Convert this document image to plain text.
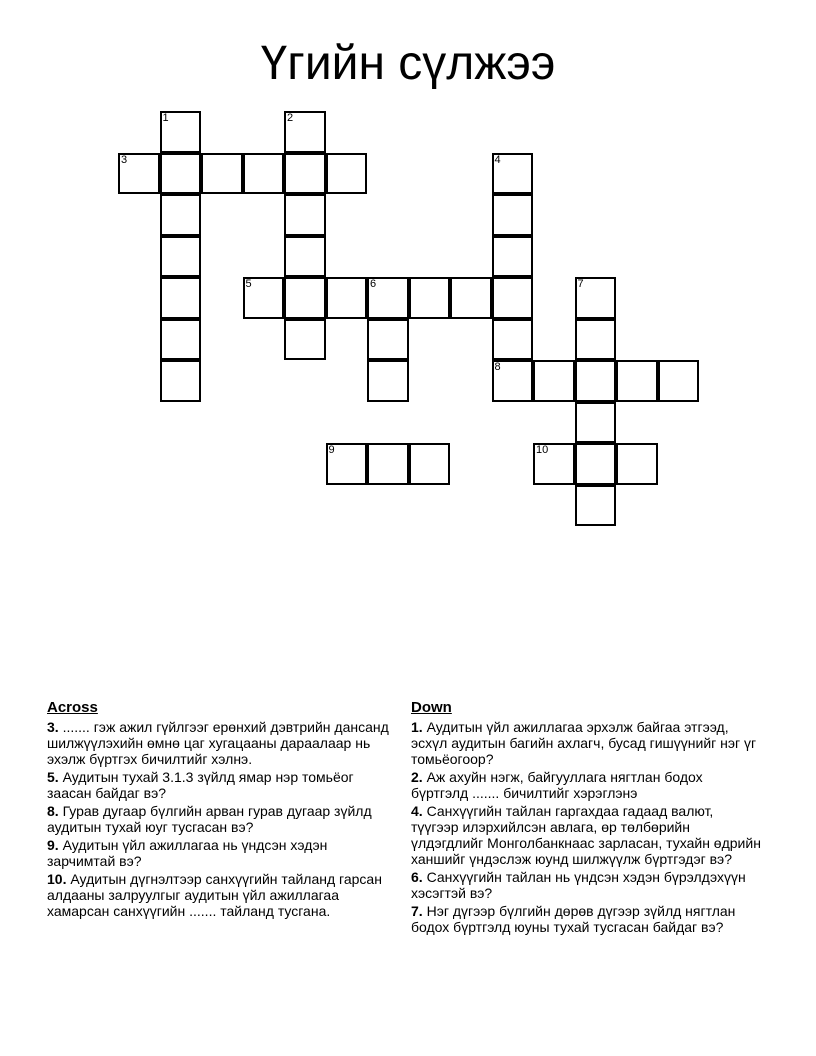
Үгийн сүлжээ
1	2
3	4
8
5	6	7
9	10
Across
3. ....... гэж ажил гүйлгээг ерөнхий дэвтрийн дансанд шилжүүлэхийн өмнө цаг хугацааны дараалаар нь эхэлж бүртгэх бичилтийг хэлнэ.
5. Аудитын тухай 3.1.3 зүйлд ямар нэр томьёог заасан байдаг вэ?
8. Гурав дугаар бүлгийн арван гурав дугаар зүйлд аудитын тухай юуг тусгасан вэ?
9. Аудитын үйл ажиллагаа нь үндсэн хэдэн зарчимтай вэ?
10. Аудитын дүгнэлтээр санхүүгийн тайланд гарсан алдааны залруулгыг аудитын үйл ажиллагаа хамарсан санхүүгийн ....... тайланд тусгана.
Down
1. Аудитын үйл ажиллагаа эрхэлж байгаа этгээд, эсхүл аудитын багийн ахлагч, бусад гишүүнийг нэг үг томьёогоор?
2. Аж ахуйн нэгж, байгууллага нягтлан бодох бүртгэлд ....... бичилтийг хэрэглэнэ
4. Санхүүгийн тайлан гаргахдаа гадаад валют, түүгээр илэрхийлсэн авлага, өр төлбөрийн үлдэгдлийг Монголбанкнаас зарласан, тухайн өдрийн ханшийг үндэслэж юунд шилжүүлж бүртгэдэг вэ?
6. Санхүүгийн тайлан нь үндсэн хэдэн бүрэлдэхүүн хэсэгтэй вэ?
7. Нэг дүгээр бүлгийн дөрөв дүгээр зүйлд нягтлан бодох бүртгэлд юуны тухай тусгасан байдаг вэ?
